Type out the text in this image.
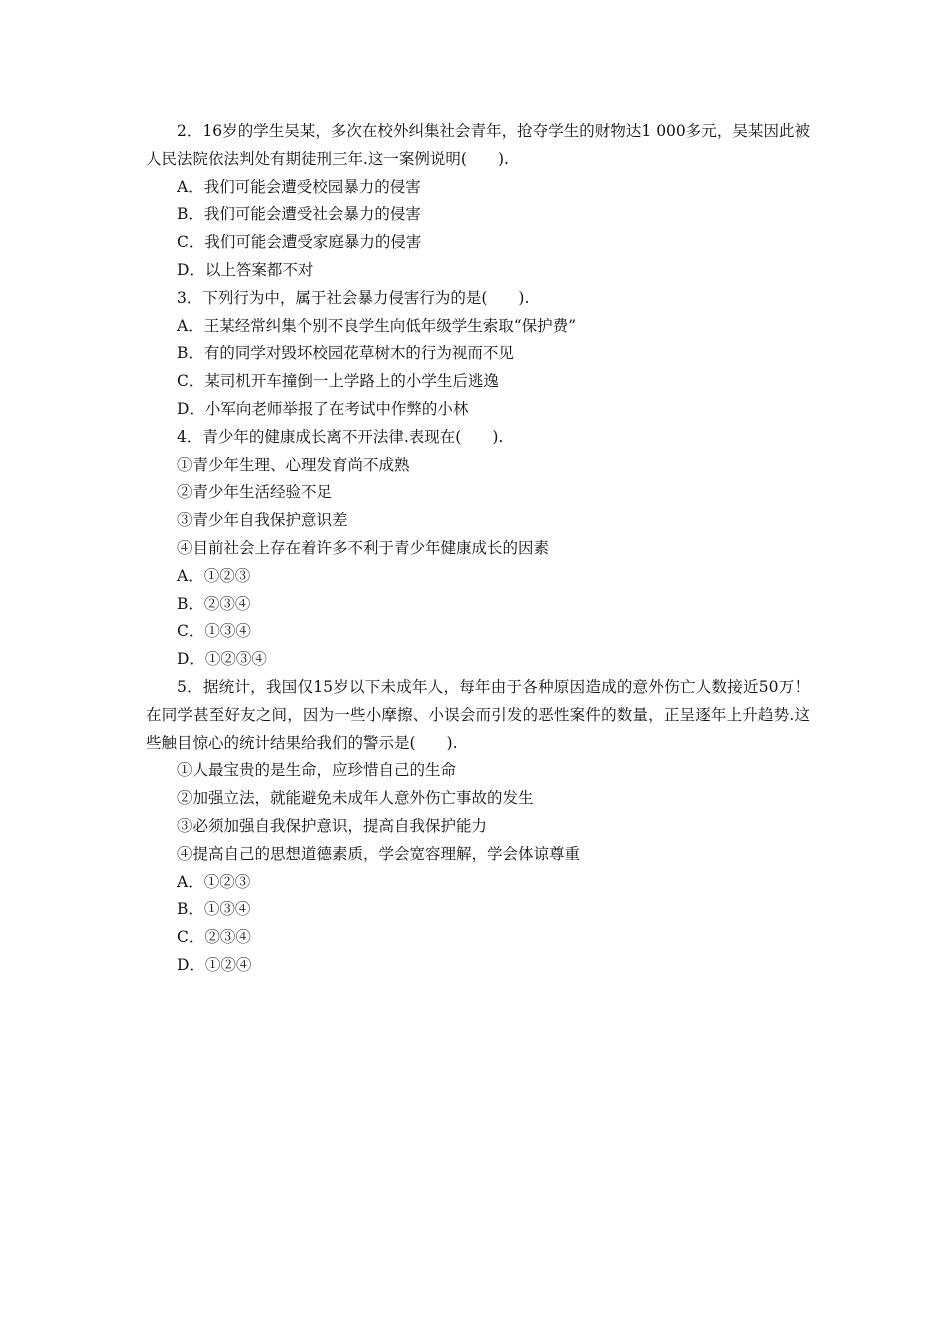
2．16岁的学生吴某，多次在校外纠集社会青年，抢夺学生的财物达1 000多元，吴某因此被人民法院依法判处有期徒刑三年.这一案例说明(　　).

A．我们可能会遭受校园暴力的侵害

B．我们可能会遭受社会暴力的侵害

C．我们可能会遭受家庭暴力的侵害

D．以上答案都不对

3．下列行为中，属于社会暴力侵害行为的是(　　).

A．王某经常纠集个别不良学生向低年级学生索取“保护费”

B．有的同学对毁坏校园花草树木的行为视而不见

C．某司机开车撞倒一上学路上的小学生后逃逸

D．小军向老师举报了在考试中作弊的小林

4．青少年的健康成长离不开法律.表现在(　　).

①青少年生理、心理发育尚不成熟

②青少年生活经验不足

③青少年自我保护意识差

④目前社会上存在着许多不利于青少年健康成长的因素

A．①②③

B．②③④

C．①③④

D．①②③④

5．据统计，我国仅15岁以下未成年人，每年由于各种原因造成的意外伤亡人数接近50万！在同学甚至好友之间，因为一些小摩擦、小误会而引发的恶性案件的数量，正呈逐年上升趋势.这些触目惊心的统计结果给我们的警示是(　　).

①人最宝贵的是生命，应珍惜自己的生命

②加强立法，就能避免未成年人意外伤亡事故的发生

③必须加强自我保护意识，提高自我保护能力

④提高自己的思想道德素质，学会宽容理解，学会体谅尊重

A．①②③

B．①③④

C．②③④

D．①②④
